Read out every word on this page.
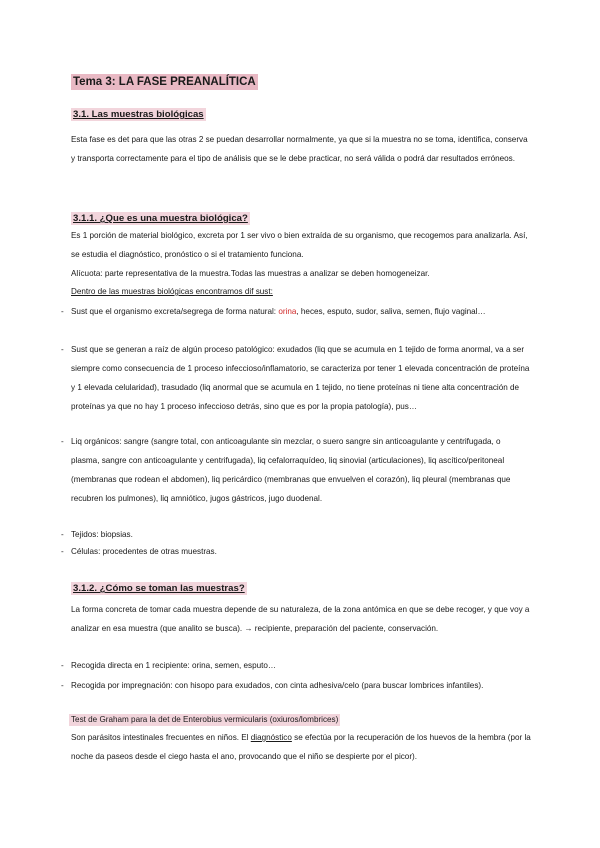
Tema 3: LA FASE PREANALÍTICA
3.1. Las muestras biológicas

Esta fase es det para que las otras 2 se puedan desarrollar normalmente, ya que si la muestra no se toma, identifica, conserva y transporta correctamente para el tipo de análisis que se le debe practicar, no será válida o podrá dar resultados erróneos.

3.1.1. ¿Que es una muestra biológica?

Es 1 porción de material biológico, excreta por 1 ser vivo o bien extraída de su organismo, que recogemos para analizarla. Así, se estudia el diagnóstico, pronóstico o si el tratamiento funciona.

Alícuota: parte representativa de la muestra.Todas las muestras a analizar se deben homogeneizar.
Dentro de las muestras biológicas encontramos dif sust:
- Sust que el organismo excreta/segrega de forma natural: orina, heces, esputo, sudor, saliva, semen, flujo vaginal…
- Sust que se generan a raíz de algún proceso patológico: exudados (liq que se acumula en 1 tejido de forma anormal, va a ser siempre como consecuencia de 1 proceso infeccioso/inflamatorio, se caracteriza por tener 1 elevada concentración de proteína y 1 elevada celularidad), trasudado (liq anormal que se acumula en 1 tejido, no tiene proteínas ni tiene alta concentración de proteínas ya que no hay 1 proceso infeccioso detrás, sino que es por la propia patología), pus…
- Liq orgánicos: sangre (sangre total, con anticoagulante sin mezclar, o suero sangre sin anticoagulante y centrifugada, o plasma, sangre con anticoagulante y centrifugada), liq cefalorraquídeo, liq sinovial (articulaciones), liq ascítico/peritoneal (membranas que rodean el abdomen), liq pericárdico (membranas que envuelven el corazón), liq pleural (membranas que recubren los pulmones), liq amniótico, jugos gástricos, jugo duodenal.
- Tejidos: biopsias.
- Células: procedentes de otras muestras.
3.1.2. ¿Cómo se toman las muestras?

La forma concreta de tomar cada muestra depende de su naturaleza, de la zona antómica en que se debe recoger, y que voy a analizar en esa muestra (que analito se busca). → recipiente, preparación del paciente, conservación.

- Recogida directa en 1 recipiente: orina, semen, esputo…
- Recogida por impregnación: con hisopo para exudados, con cinta adhesiva/celo (para buscar lombrices infantiles).
Test de Graham para la det de Enterobius vermicularis (oxiuros/lombrices)

Son parásitos intestinales frecuentes en niños. El diagnóstico se efectúa por la recuperación de los huevos de la hembra (por la noche da paseos desde el ciego hasta el ano, provocando que el niño se despierte por el picor).
